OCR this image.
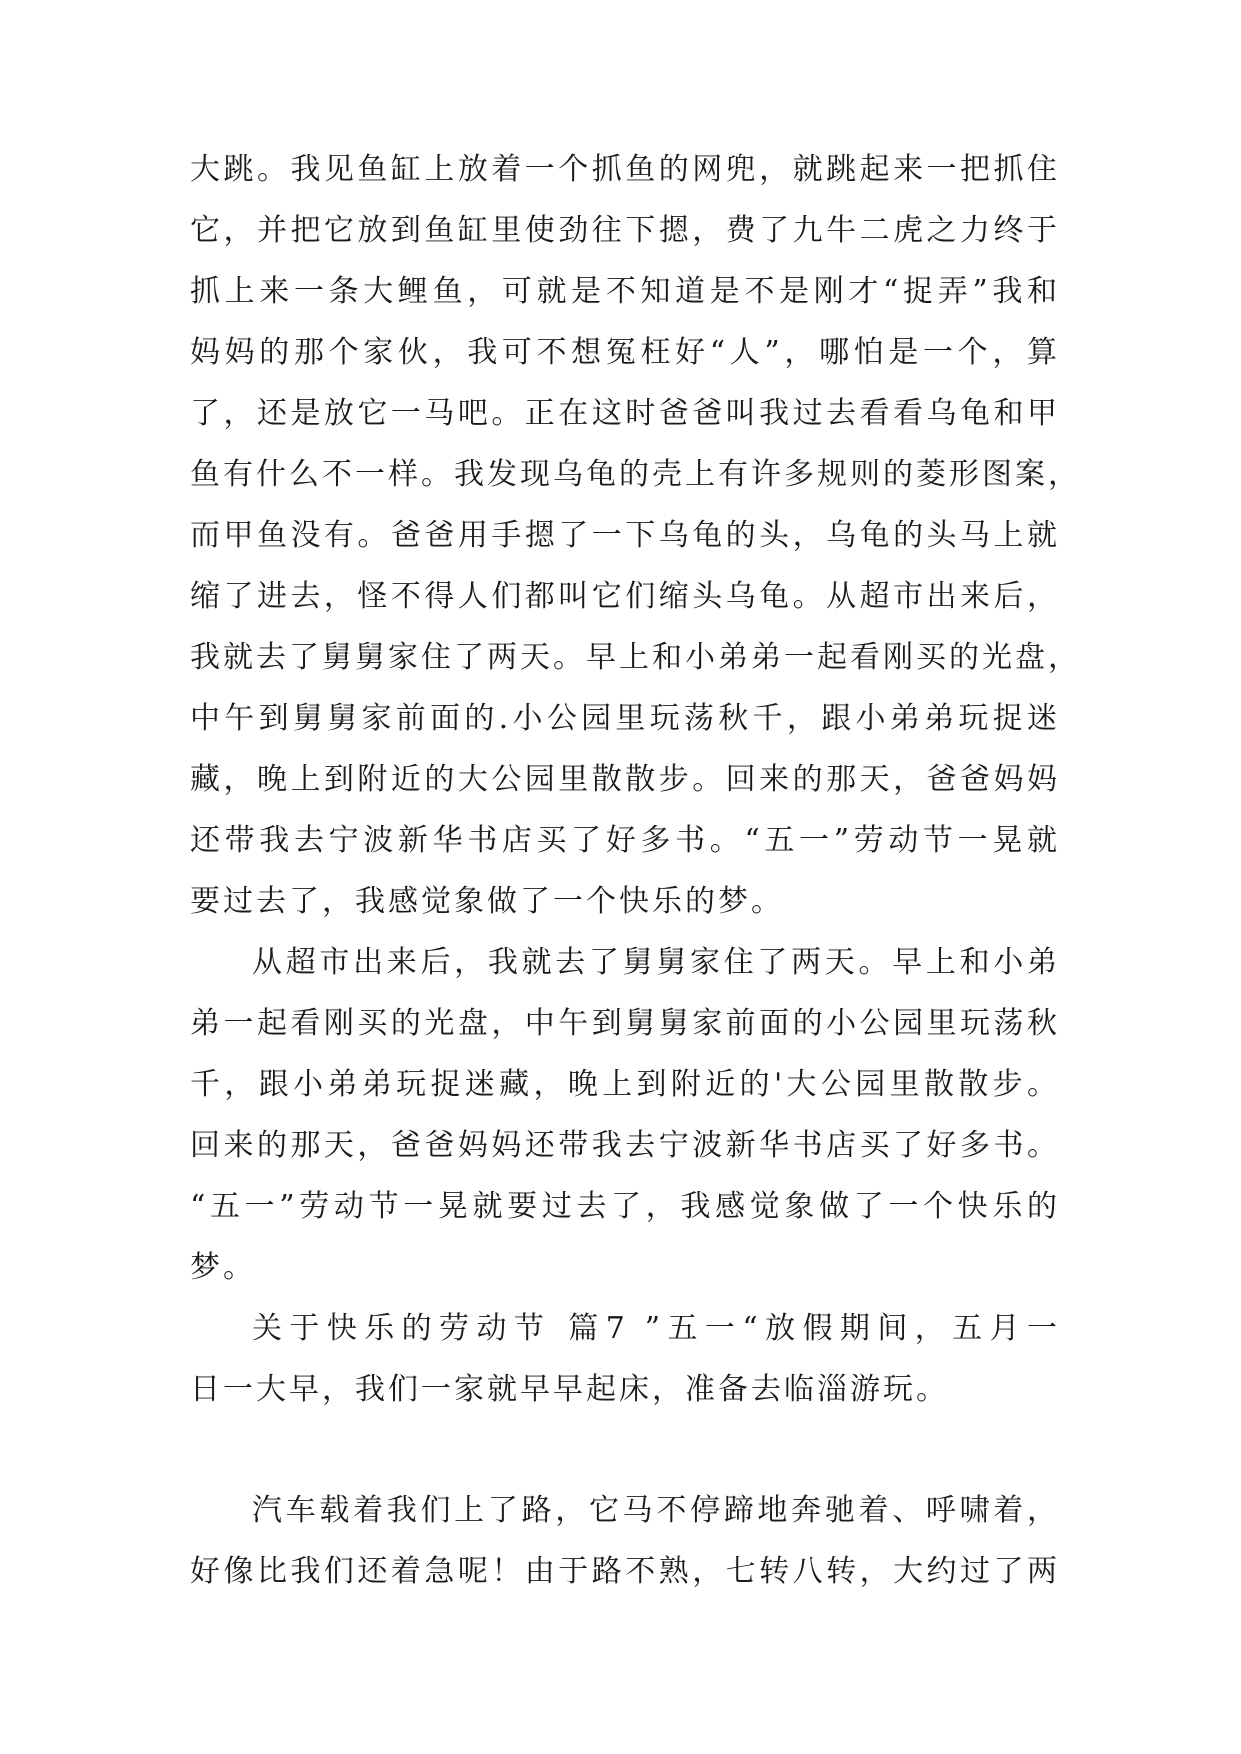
大跳。我见鱼缸上放着一个抓鱼的网兜，就跳起来一把抓住
它，并把它放到鱼缸里使劲往下摁，费了九牛二虎之力终于
抓上来一条大鲤鱼，可就是不知道是不是刚才“捉弄”我和
妈妈的那个家伙，我可不想冤枉好“人”，哪怕是一个，算
了，还是放它一马吧。正在这时爸爸叫我过去看看乌龟和甲
鱼有什么不一样。我发现乌龟的壳上有许多规则的菱形图案，
而甲鱼没有。爸爸用手摁了一下乌龟的头，乌龟的头马上就
缩了进去，怪不得人们都叫它们缩头乌龟。从超市出来后，
我就去了舅舅家住了两天。早上和小弟弟一起看刚买的光盘，
中午到舅舅家前面的.小公园里玩荡秋千，跟小弟弟玩捉迷
藏，晚上到附近的大公园里散散步。回来的那天，爸爸妈妈
还带我去宁波新华书店买了好多书。“五一”劳动节一晃就
要过去了，我感觉象做了一个快乐的梦。
从超市出来后，我就去了舅舅家住了两天。早上和小弟
弟一起看刚买的光盘，中午到舅舅家前面的小公园里玩荡秋
千，跟小弟弟玩捉迷藏，晚上到附近的'大公园里散散步。
回来的那天，爸爸妈妈还带我去宁波新华书店买了好多书。
“五一”劳动节一晃就要过去了，我感觉象做了一个快乐的
梦。
关于快乐的劳动节 篇7 ”五一“放假期间，五月一
日一大早，我们一家就早早起床，准备去临淄游玩。
汽车载着我们上了路，它马不停蹄地奔驰着、呼啸着，
好像比我们还着急呢！由于路不熟，七转八转，大约过了两
